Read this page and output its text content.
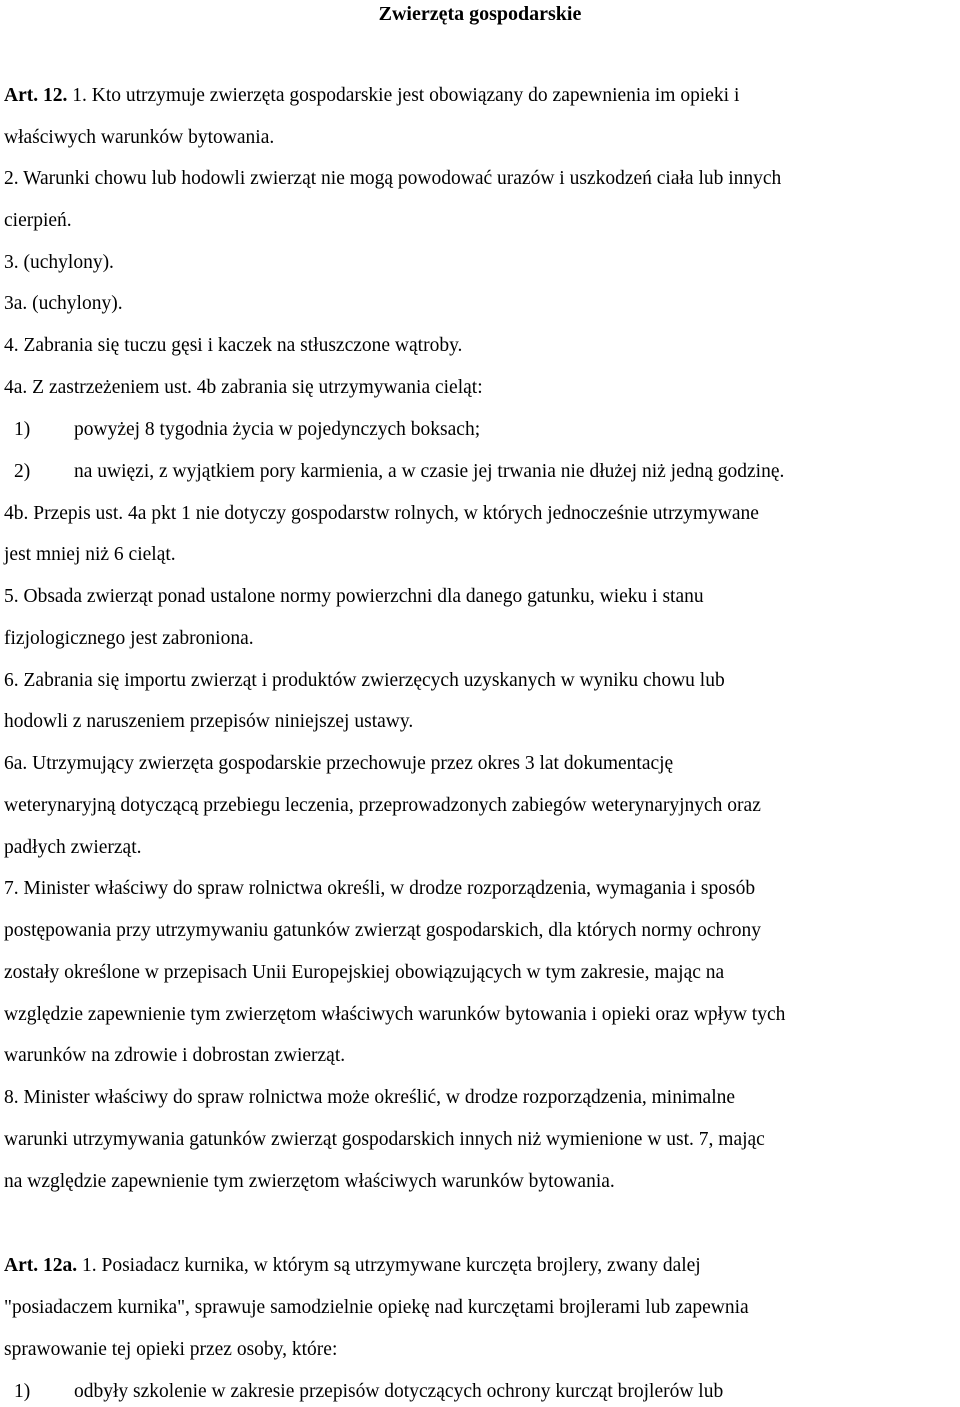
Zwierzęta gospodarskie
Art. 12. 1. Kto utrzymuje zwierzęta gospodarskie jest obowiązany do zapewnienia im opieki i
właściwych warunków bytowania.
2. Warunki chowu lub hodowli zwierząt nie mogą powodować urazów i uszkodzeń ciała lub innych
cierpień.
3. (uchylony).
3a. (uchylony).
4. Zabrania się tuczu gęsi i kaczek na stłuszczone wątroby.
4a. Z zastrzeżeniem ust. 4b zabrania się utrzymywania cieląt:
1) powyżej 8 tygodnia życia w pojedynczych boksach;
2) na uwięzi, z wyjątkiem pory karmienia, a w czasie jej trwania nie dłużej niż jedną godzinę.
4b. Przepis ust. 4a pkt 1 nie dotyczy gospodarstw rolnych, w których jednocześnie utrzymywane
jest mniej niż 6 cieląt.
5. Obsada zwierząt ponad ustalone normy powierzchni dla danego gatunku, wieku i stanu
fizjologicznego jest zabroniona.
6. Zabrania się importu zwierząt i produktów zwierzęcych uzyskanych w wyniku chowu lub
hodowli z naruszeniem przepisów niniejszej ustawy.
6a. Utrzymujący zwierzęta gospodarskie przechowuje przez okres 3 lat dokumentację
weterynaryjną dotyczącą przebiegu leczenia, przeprowadzonych zabiegów weterynaryjnych oraz
padłych zwierząt.
7. Minister właściwy do spraw rolnictwa określi, w drodze rozporządzenia, wymagania i sposób
postępowania przy utrzymywaniu gatunków zwierząt gospodarskich, dla których normy ochrony
zostały określone w przepisach Unii Europejskiej obowiązujących w tym zakresie, mając na
względzie zapewnienie tym zwierzętom właściwych warunków bytowania i opieki oraz wpływ tych
warunków na zdrowie i dobrostan zwierząt.
8. Minister właściwy do spraw rolnictwa może określić, w drodze rozporządzenia, minimalne
warunki utrzymywania gatunków zwierząt gospodarskich innych niż wymienione w ust. 7, mając
na względzie zapewnienie tym zwierzętom właściwych warunków bytowania.
Art. 12a. 1. Posiadacz kurnika, w którym są utrzymywane kurczęta brojlery, zwany dalej
"posiadaczem kurnika", sprawuje samodzielnie opiekę nad kurczętami brojlerami lub zapewnia
sprawowanie tej opieki przez osoby, które:
1) odbyły szkolenie w zakresie przepisów dotyczących ochrony kurcząt brojlerów lub
